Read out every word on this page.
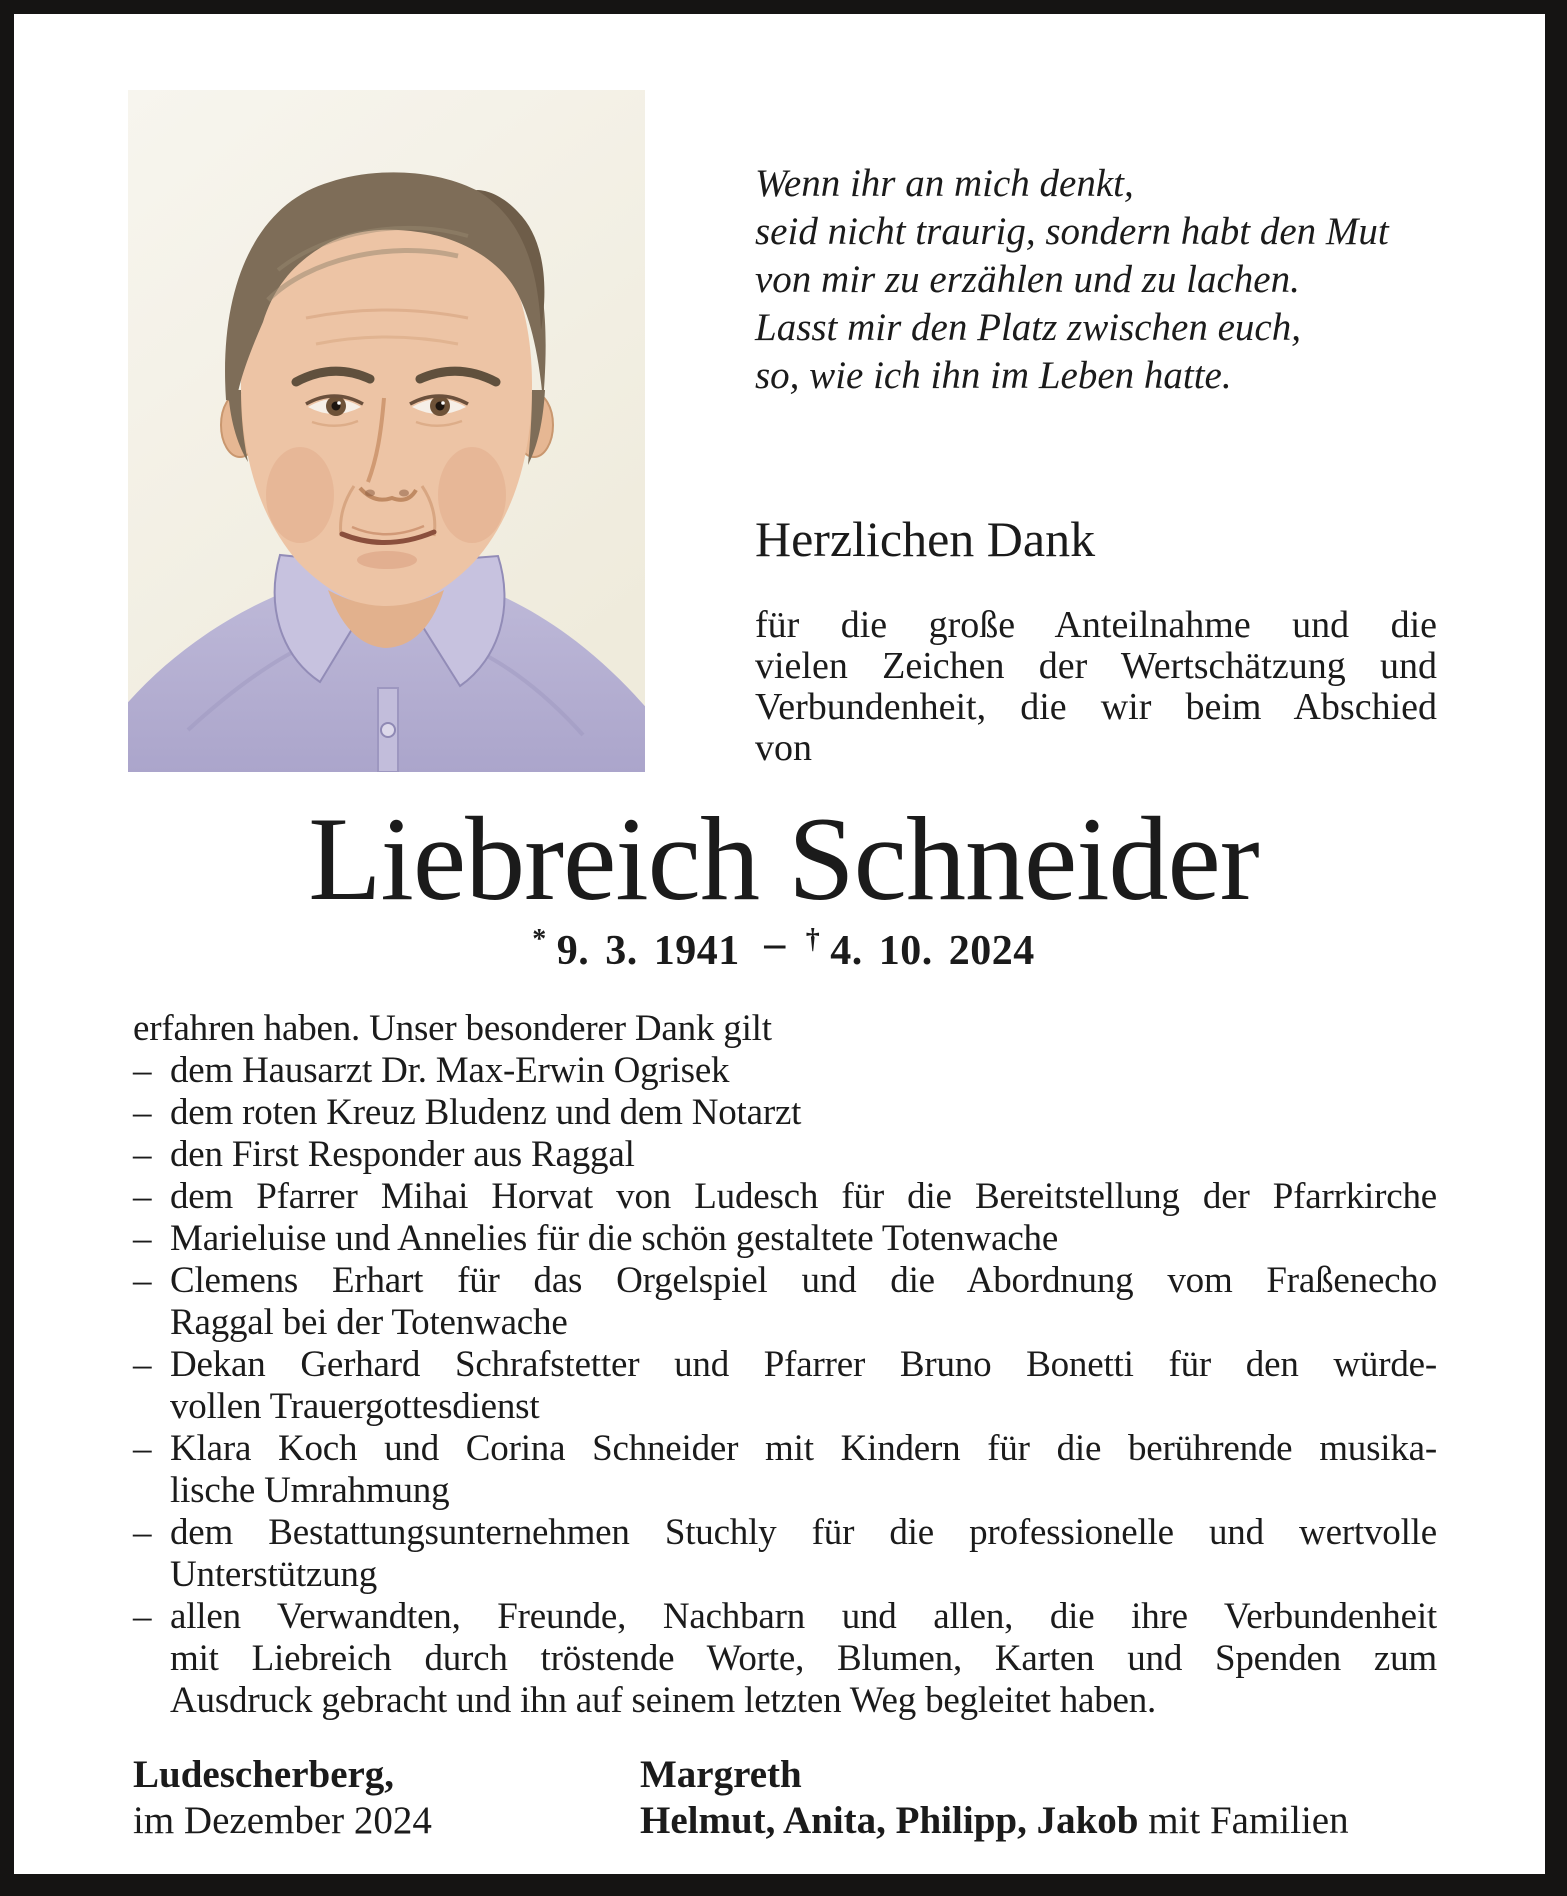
Wenn ihr an mich denkt,
seid nicht traurig, sondern habt den Mut
von mir zu erzählen und zu lachen.
Lasst mir den Platz zwischen euch,
so, wie ich ihn im Leben hatte.
Herzlichen Dank
für die große Anteilnahme und die
vielen Zeichen der Wertschätzung und
Verbundenheit, die wir beim Abschied
von
Liebreich Schneider
* 9. 3. 1941 – † 4. 10. 2024
erfahren haben. Unser besonderer Dank gilt
– dem Hausarzt Dr. Max-Erwin Ogrisek
– dem roten Kreuz Bludenz und dem Notarzt
– den First Responder aus Raggal
– dem Pfarrer Mihai Horvat von Ludesch für die Bereitstellung der Pfarrkirche
– Marieluise und Annelies für die schön gestaltete Totenwache
– Clemens Erhart für das Orgelspiel und die Abordnung vom Fraßenecho
Raggal bei der Totenwache
– Dekan Gerhard Schrafstetter und Pfarrer Bruno Bonetti für den würde-
vollen Trauergottesdienst
– Klara Koch und Corina Schneider mit Kindern für die berührende musika-
lische Umrahmung
– dem Bestattungsunternehmen Stuchly für die professionelle und wertvolle
Unterstützung
– allen Verwandten, Freunde, Nachbarn und allen, die ihre Verbundenheit
mit Liebreich durch tröstende Worte, Blumen, Karten und Spenden zum
Ausdruck gebracht und ihn auf seinem letzten Weg begleitet haben.
Ludescherberg,
im Dezember 2024
Margreth
Helmut, Anita, Philipp, Jakob mit Familien
